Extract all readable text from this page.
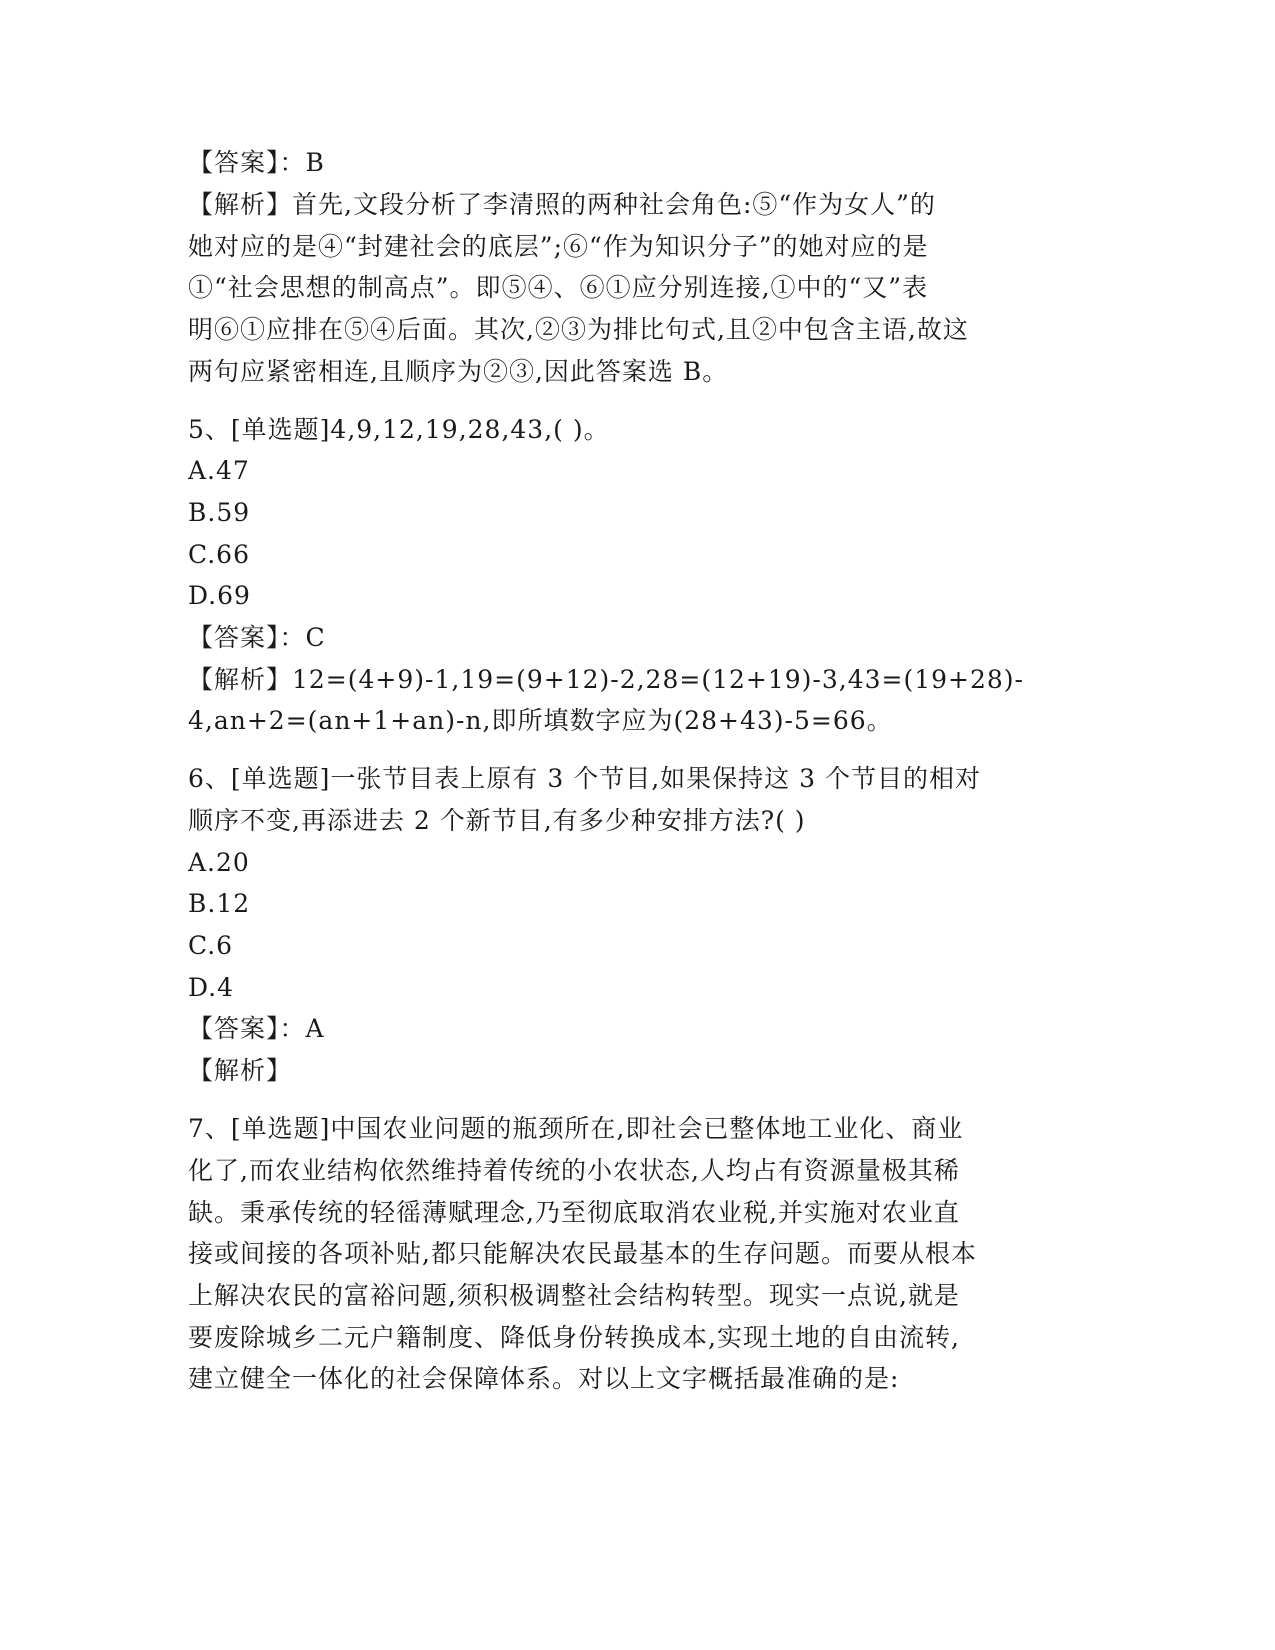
【答案】：B
【解析】首先,文段分析了李清照的两种社会角色:⑤“作为女人”的
她对应的是④“封建社会的底层”;⑥“作为知识分子”的她对应的是
①“社会思想的制高点”。即⑤④、⑥①应分别连接,①中的“又”表
明⑥①应排在⑤④后面。其次,②③为排比句式,且②中包含主语,故这
两句应紧密相连,且顺序为②③,因此答案选 B。
5、[单选题]4,9,12,19,28,43,( )。
A.47
B.59
C.66
D.69
【答案】：C
【解析】12=(4+9)-1,19=(9+12)-2,28=(12+19)-3,43=(19+28)-
4,an+2=(an+1+an)-n,即所填数字应为(28+43)-5=66。
6、[单选题]一张节目表上原有 3 个节目,如果保持这 3 个节目的相对
顺序不变,再添进去 2 个新节目,有多少种安排方法?( )
A.20
B.12
C.6
D.4
【答案】：A
【解析】
7、[单选题]中国农业问题的瓶颈所在,即社会已整体地工业化、商业
化了,而农业结构依然维持着传统的小农状态,人均占有资源量极其稀
缺。秉承传统的轻徭薄赋理念,乃至彻底取消农业税,并实施对农业直
接或间接的各项补贴,都只能解决农民最基本的生存问题。而要从根本
上解决农民的富裕问题,须积极调整社会结构转型。现实一点说,就是
要废除城乡二元户籍制度、降低身份转换成本,实现土地的自由流转,
建立健全一体化的社会保障体系。对以上文字概括最准确的是:
